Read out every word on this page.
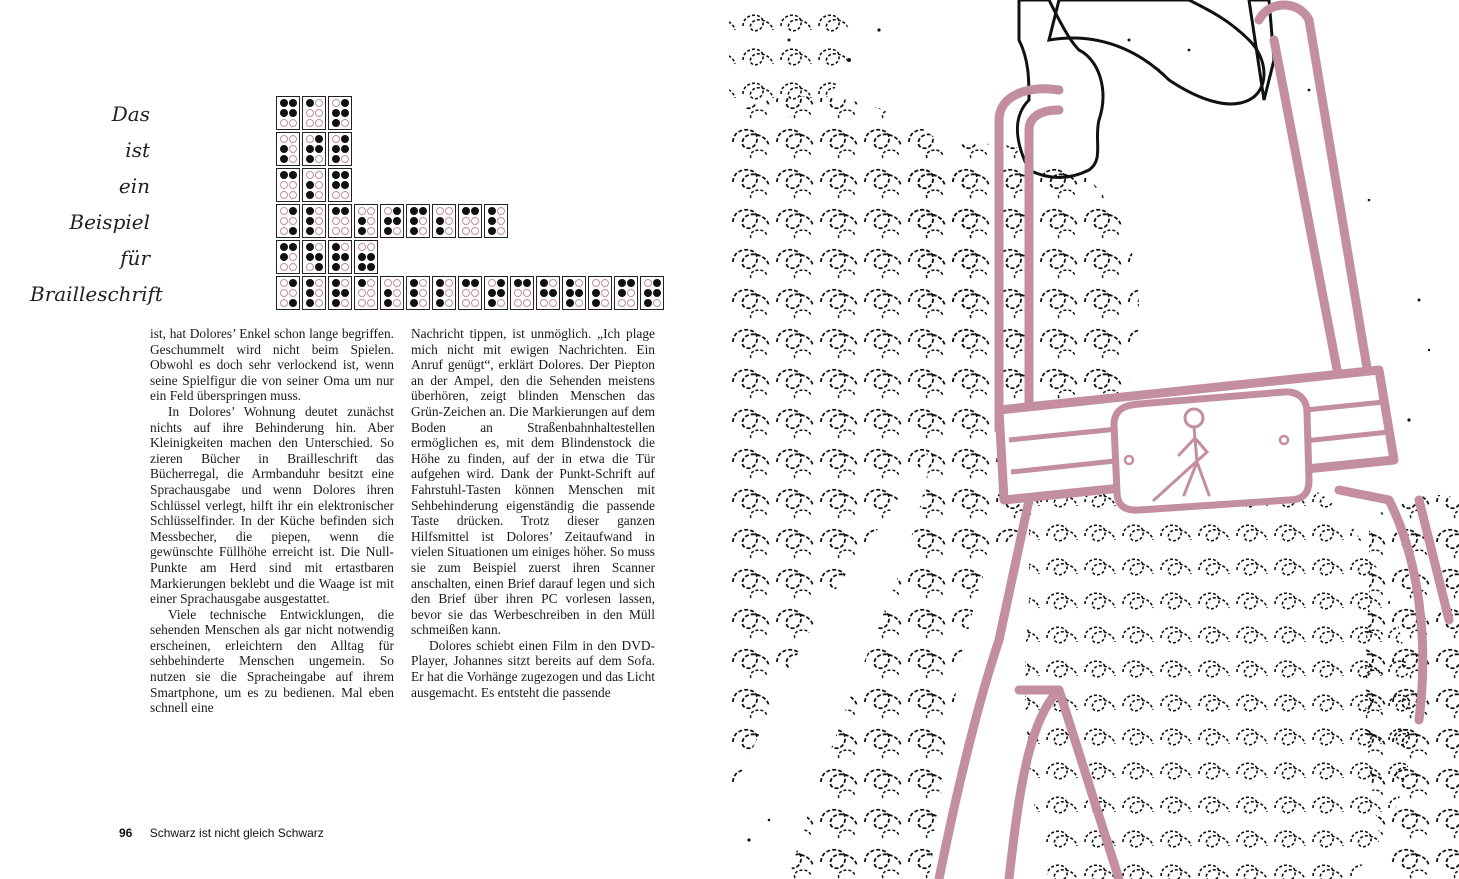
Das
ist
ein
Beispiel
für
Brailleschrift

ist, hat Dolores’ Enkel schon lange begriffen. Geschummelt wird nicht beim Spielen. Obwohl es doch sehr verlockend ist, wenn seine Spielfigur die von seiner Oma um nur ein Feld überspringen muss.

In Dolores’ Wohnung deutet zunächst nichts auf ihre Behinderung hin. Aber Kleinigkeiten machen den Unterschied. So zieren Bücher in Brailleschrift das Bücherregal, die Armbanduhr besitzt eine Sprachausgabe und wenn Dolores ihren Schlüssel verlegt, hilft ihr ein elektronischer Schlüsselfinder. In der Küche befinden sich Messbecher, die piepen, wenn die gewünschte Füllhöhe erreicht ist. Die Null-Punkte am Herd sind mit ertastbaren Markierungen beklebt und die Waage ist mit einer Sprachausgabe ausgestattet.

Viele technische Entwicklungen, die sehenden Menschen als gar nicht notwendig erscheinen, erleichtern den Alltag für sehbehinderte Menschen ungemein. So nutzen sie die Spracheingabe auf ihrem Smartphone, um es zu bedienen. Mal eben schnell eine

Nachricht tippen, ist unmöglich. „Ich plage mich nicht mit ewigen Nachrichten. Ein Anruf genügt“, erklärt Dolores. Der Piepton an der Ampel, den die Sehenden meistens überhören, zeigt blinden Menschen das Grün-Zeichen an. Die Markierungen auf dem Boden an Straßenbahnhaltestellen ermöglichen es, mit dem Blindenstock die Höhe zu finden, auf der in etwa die Tür aufgehen wird. Dank der Punkt-Schrift auf Fahrstuhl-Tasten können Menschen mit Sehbehinderung eigenständig die passende Taste drücken. Trotz dieser ganzen Hilfsmittel ist Dolores’ Zeitaufwand in vielen Situationen um einiges höher. So muss sie zum Beispiel zuerst ihren Scanner anschalten, einen Brief darauf legen und sich den Brief über ihren PC vorlesen lassen, bevor sie das Werbeschreiben in den Müll schmeißen kann.

Dolores schiebt einen Film in den DVD-Player, Johannes sitzt bereits auf dem Sofa. Er hat die Vorhänge zugezogen und das Licht ausgemacht. Es entsteht die passende

96 Schwarz ist nicht gleich Schwarz
